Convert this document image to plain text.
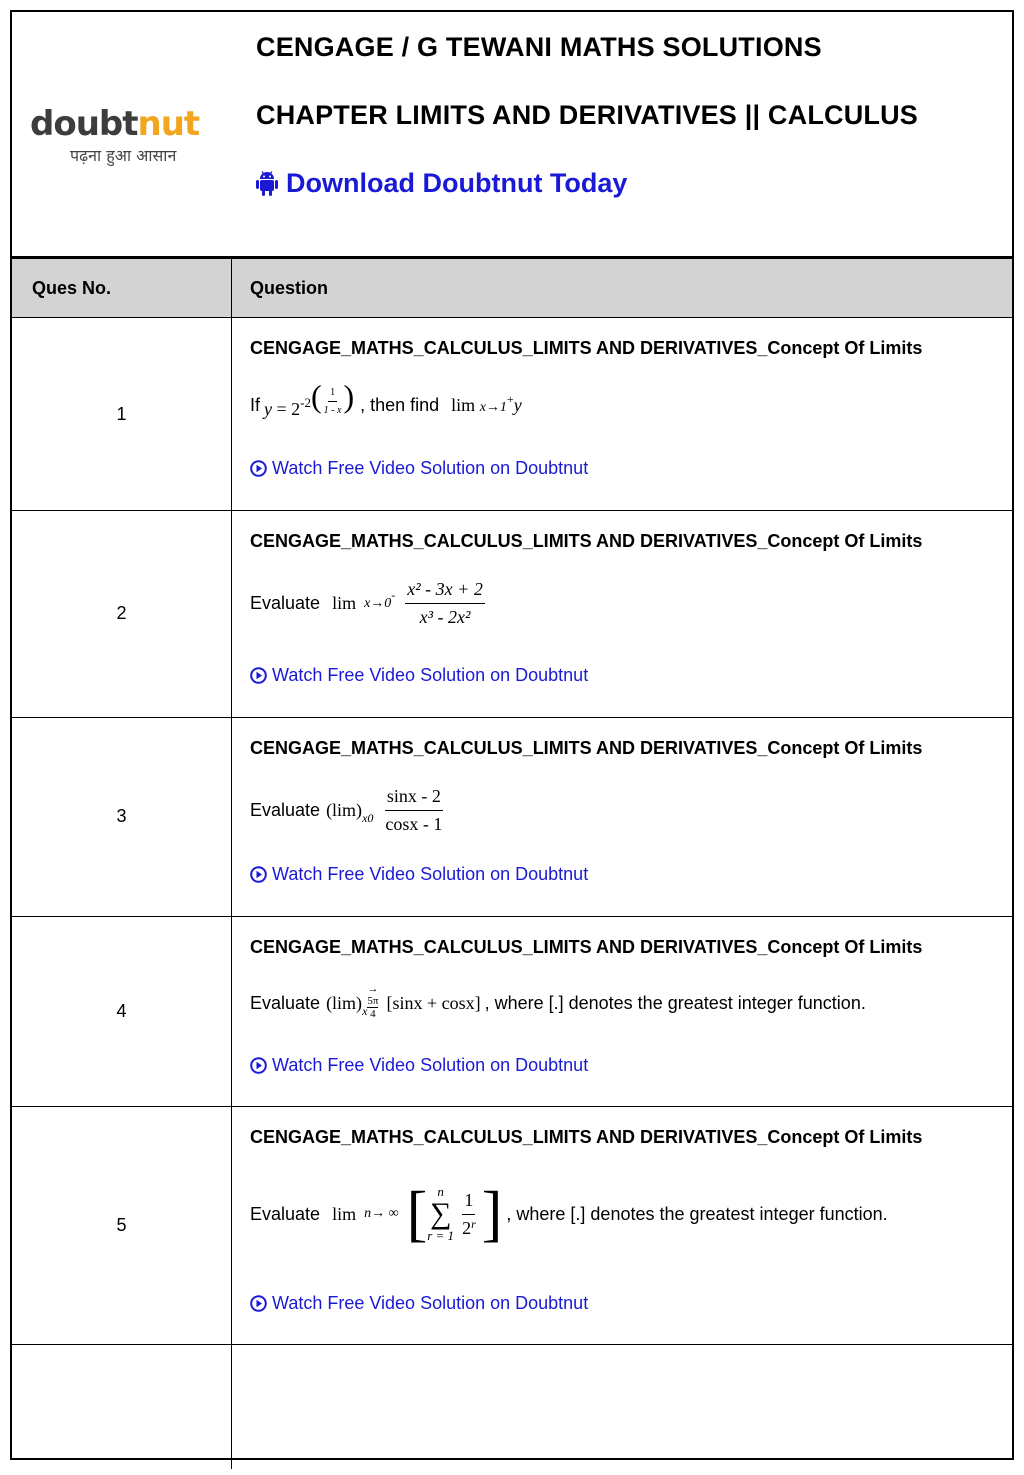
doubtnut
पढ़ना हुआ आसान
CENGAGE / G TEWANI MATHS SOLUTIONS
CHAPTER LIMITS AND DERIVATIVES || CALCULUS
Download Doubtnut Today
Ques No.	Question
1
CENGAGE_MATHS_CALCULUS_LIMITS AND DERIVATIVES_Concept Of Limits
If $y = 2^{-2}( \frac{1}{1 - x}$ ) , then find lim x→1+y
Watch Free Video Solution on Doubtnut
2
CENGAGE_MATHS_CALCULUS_LIMITS AND DERIVATIVES_Concept Of Limits
Evaluate lim x→0
- $\frac{\text{x² - 3x + 2}}{\text{x³ - 2x²}}$
Watch Free Video Solution on Doubtnut
3
CENGAGE_MATHS_CALCULUS_LIMITS AND DERIVATIVES_Concept Of Limits
Evaluate (lim) $x0 \frac{\sin x - 2}{\cos x - 1}$
Watch Free Video Solution on Doubtnut
4
CENGAGE_MATHS_CALCULUS_LIMITS AND DERIVATIVES_Concept Of Limits
Evaluate (lim) x
→
5π
4
[sinx + cosx] , where [.] denotes the greatest integer function.
Watch Free Video Solution on Doubtnut
5
CENGAGE_MATHS_CALCULUS_LIMITS AND DERIVATIVES_Concept Of Limits
Evaluate lim n→ ∞ [ n
∑
$r = 1 \frac{1}{2^r}$ ] , where [.] denotes the greatest integer function.
Watch Free Video Solution on Doubtnut
